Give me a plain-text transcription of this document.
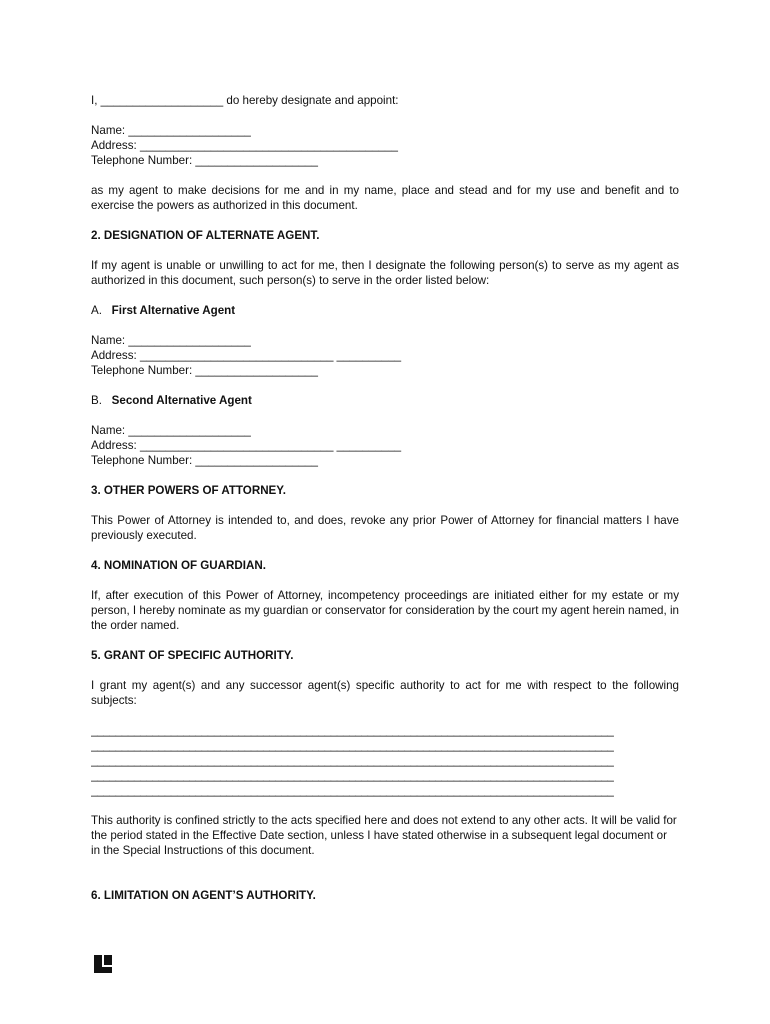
I, ___________________ do hereby designate and appoint:
Name: ___________________
Address: ________________________________________
Telephone Number: ___________________
as my agent to make decisions for me and in my name, place and stead and for my use and benefit and to exercise the powers as authorized in this document.
2. DESIGNATION OF ALTERNATE AGENT.
If my agent is unable or unwilling to act for me, then I designate the following person(s) to serve as my agent as authorized in this document, such person(s) to serve in the order listed below:
A. First Alternative Agent
Name: ___________________
Address: ______________________________ __________
Telephone Number: ___________________
B. Second Alternative Agent
Name: ___________________
Address: ______________________________ __________
Telephone Number: ___________________
3. OTHER POWERS OF ATTORNEY.
This Power of Attorney is intended to, and does, revoke any prior Power of Attorney for financial matters I have previously executed.
4. NOMINATION OF GUARDIAN.
If, after execution of this Power of Attorney, incompetency proceedings are initiated either for my estate or my person, I hereby nominate as my guardian or conservator for consideration by the court my agent herein named, in the order named.
5. GRANT OF SPECIFIC AUTHORITY.
I grant my agent(s) and any successor agent(s) specific authority to act for me with respect to the following subjects:
_____________________________________________________________________________________
_____________________________________________________________________________________
_____________________________________________________________________________________
_____________________________________________________________________________________
_____________________________________________________________________________________
This authority is confined strictly to the acts specified here and does not extend to any other acts. It will be valid for the period stated in the Effective Date section, unless I have stated otherwise in a subsequent legal document or in the Special Instructions of this document.
6. LIMITATION ON AGENT’S AUTHORITY.
